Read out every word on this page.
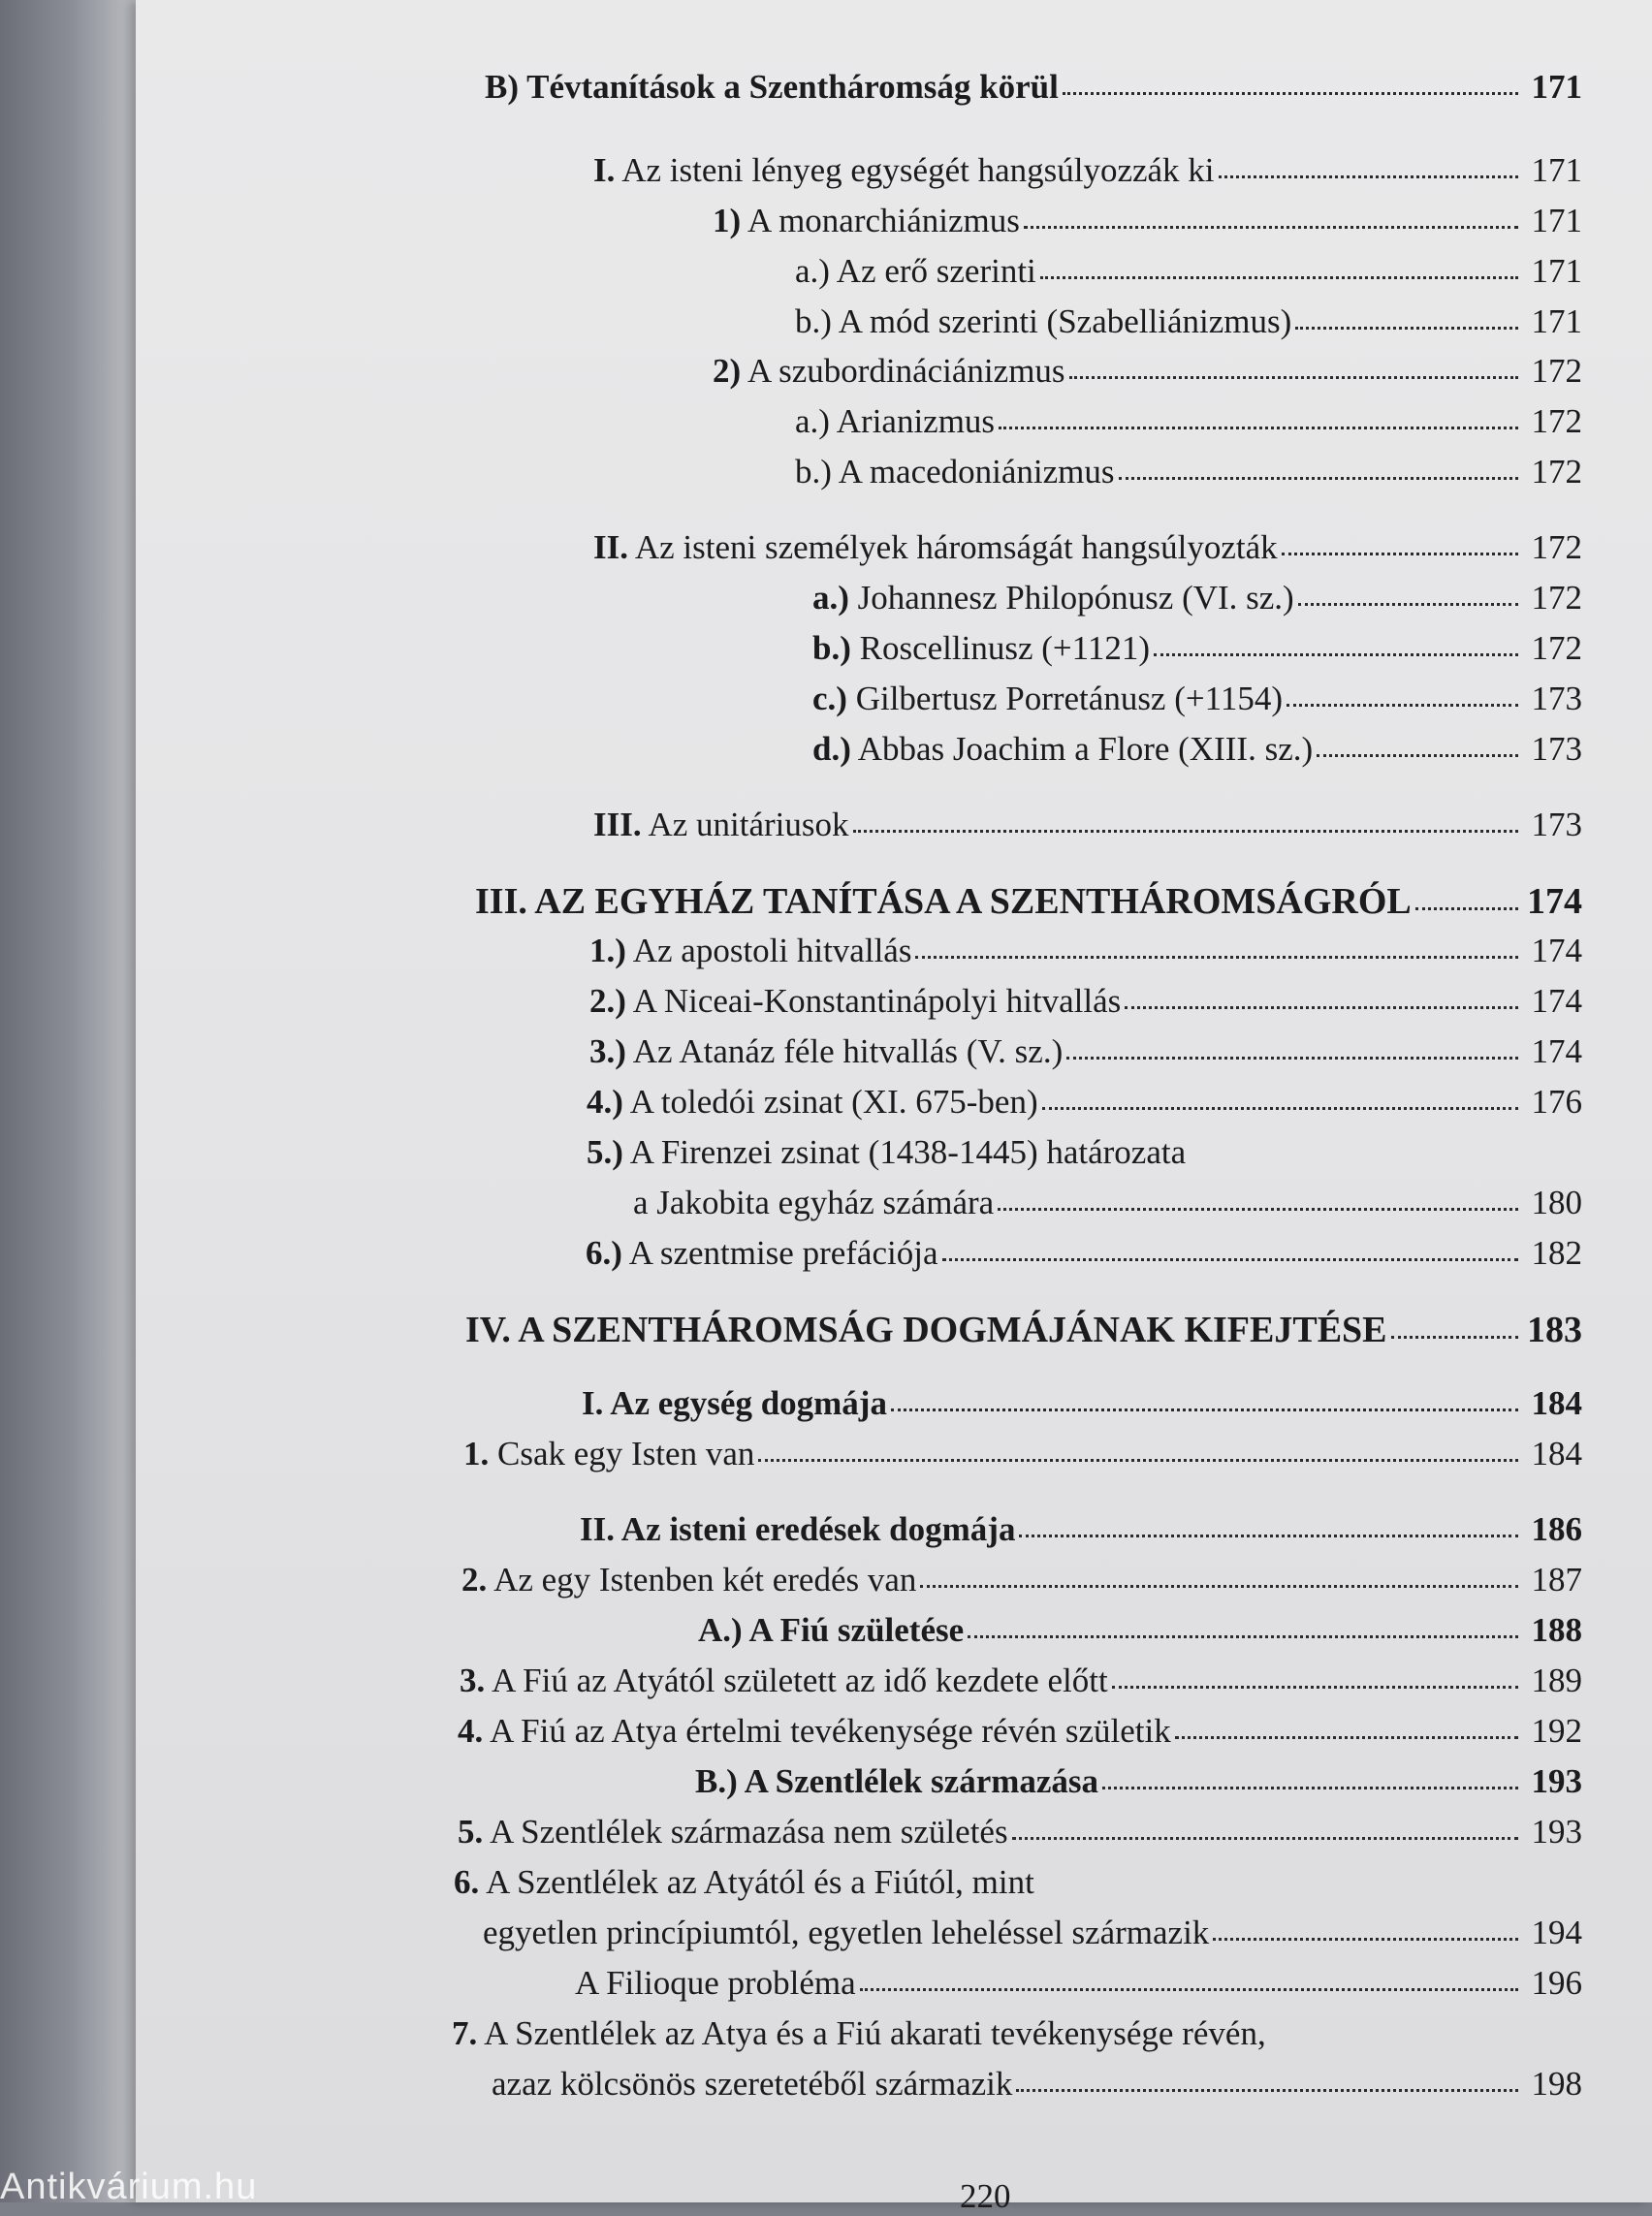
B) Tévtanítások a Szentháromság körül	171
I. Az isteni lényeg egységét hangsúlyozzák ki	171
1) A monarchiánizmus	171
a.) Az erő szerinti	171
b.) A mód szerinti (Szabelliánizmus)	171
2) A szubordináciánizmus	172
a.) Arianizmus	172
b.) A macedoniánizmus	172
II. Az isteni személyek háromságát hangsúlyozták	172
a.) Johannesz Philopónusz (VI. sz.)	172
b.) Roscellinusz (+1121)	172
c.) Gilbertusz Porretánusz (+1154)	173
d.) Abbas Joachim a Flore (XIII. sz.)	173
III. Az unitáriusok	173
III. AZ EGYHÁZ TANÍTÁSA A SZENTHÁROMSÁGRÓL	174
1.) Az apostoli hitvallás	174
2.) A Niceai-Konstantinápolyi hitvallás	174
3.) Az Atanáz féle hitvallás (V. sz.)	174
4.) A toledói zsinat (XI. 675-ben)	176
5.) A Firenzei zsinat (1438-1445) határozata
a Jakobita egyház számára	180
6.) A szentmise prefációja	182
IV. A SZENTHÁROMSÁG DOGMÁJÁNAK KIFEJTÉSE	183
I. Az egység dogmája	184
1. Csak egy Isten van	184
II. Az isteni eredések dogmája	186
2. Az egy Istenben két eredés van	187
A.) A Fiú születése	188
3. A Fiú az Atyától született az idő kezdete előtt	189
4. A Fiú az Atya értelmi tevékenysége révén születik	192
B.) A Szentlélek származása	193
5. A Szentlélek származása nem születés	193
6. A Szentlélek az Atyától és a Fiútól, mint
egyetlen princípiumtól, egyetlen leheléssel származik	194
A Filioque probléma	196
7. A Szentlélek az Atya és a Fiú akarati tevékenysége révén,
azaz kölcsönös szeretetéből származik	198
Antikvárium.hu	220
